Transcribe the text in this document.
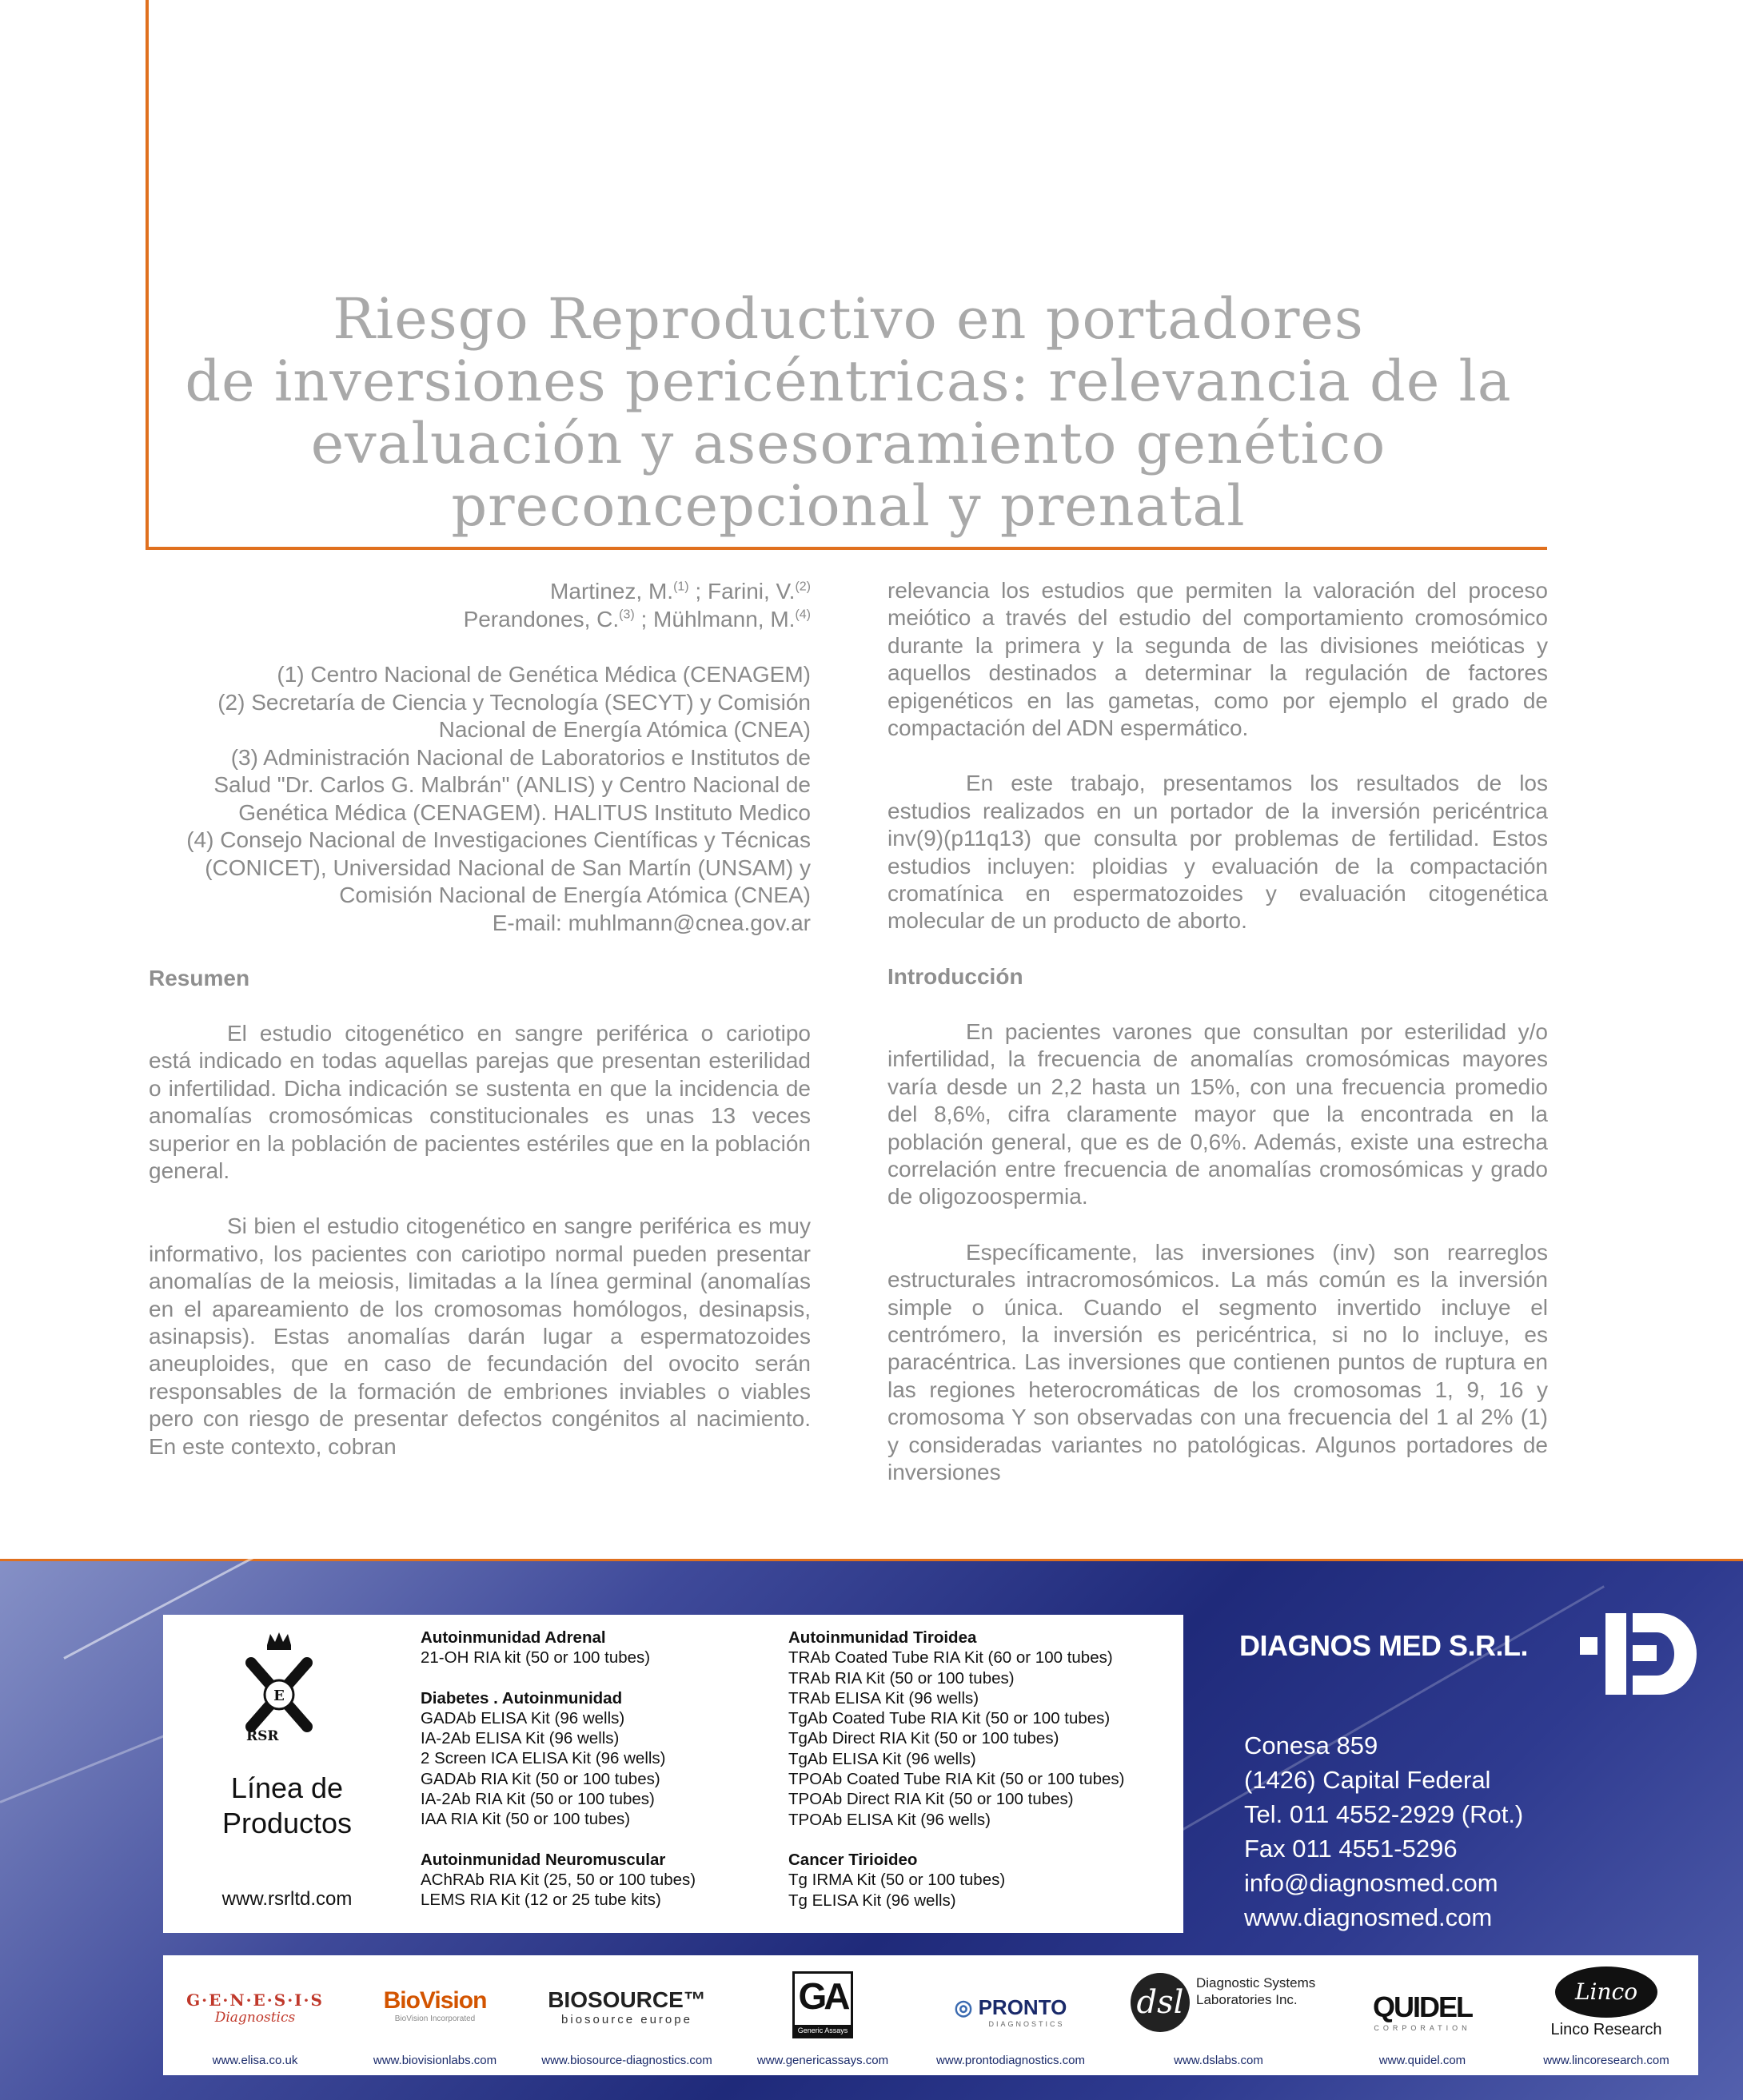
Riesgo Reproductivo en portadores
de inversiones pericéntricas: relevancia de la
evaluación y asesoramiento genético
preconcepcional y prenatal
Martinez, M.$^{(1)}$ ; Farini, V.$^{(2)}$
Perandones, C.$^{(3)}$ ; Mühlmann, M.$^{(4)}$
(1) Centro Nacional de Genética Médica (CENAGEM)
(2) Secretaría de Ciencia y Tecnología (SECYT) y Comisión Nacional de Energía Atómica (CNEA)
(3) Administración Nacional de Laboratorios e Institutos de Salud "Dr. Carlos G. Malbrán" (ANLIS) y Centro Nacional de Genética Médica (CENAGEM). HALITUS Instituto Medico
(4) Consejo Nacional de Investigaciones Científicas y Técnicas (CONICET), Universidad Nacional de San Martín (UNSAM) y Comisión Nacional de Energía Atómica (CNEA)
E-mail: muhlmann@cnea.gov.ar
Resumen

El estudio citogenético en sangre periférica o cariotipo está indicado en todas aquellas parejas que presentan esterilidad o infertilidad. Dicha indicación se sustenta en que la incidencia de anomalías cromosómicas constitucionales es unas 13 veces superior en la población de pacientes estériles que en la población general.

Si bien el estudio citogenético en sangre periférica es muy informativo, los pacientes con cariotipo normal pueden presentar anomalías de la meiosis, limitadas a la línea germinal (anomalías en el apareamiento de los cromosomas homólogos, desinapsis, asinapsis). Estas anomalías darán lugar a espermatozoides aneuploides, que en caso de fecundación del ovocito serán responsables de la formación de embriones inviables o viables pero con riesgo de presentar defectos congénitos al nacimiento. En este contexto, cobran

relevancia los estudios que permiten la valoración del proceso meiótico a través del estudio del comportamiento cromosómico durante la primera y la segunda de las divisiones meióticas y aquellos destinados a determinar la regulación de factores epigenéticos en las gametas, como por ejemplo el grado de compactación del ADN espermático.

En este trabajo, presentamos los resultados de los estudios realizados en un portador de la inversión pericéntrica inv(9)(p11q13) que consulta por problemas de fertilidad. Estos estudios incluyen: ploidias y evaluación de la compactación cromatínica en espermatozoides y evaluación citogenética molecular de un producto de aborto.

Introducción

En pacientes varones que consultan por esterilidad y/o infertilidad, la frecuencia de anomalías cromosómicas mayores varía desde un 2,2 hasta un 15%, con una frecuencia promedio del 8,6%, cifra claramente mayor que la encontrada en la población general, que es de 0,6%. Además, existe una estrecha correlación entre frecuencia de anomalías cromosómicas y grado de oligozoospermia.

Específicamente, las inversiones (inv) son rearreglos estructurales intracromosómicos. La más común es la inversión simple o única. Cuando el segmento invertido incluye el centrómero, la inversión es pericéntrica, si no lo incluye, es paracéntrica. Las inversiones que contienen puntos de ruptura en las regiones heterocromáticas de los cromosomas 1, 9, 16 y cromosoma Y son observadas con una frecuencia del 1 al 2% (1) y consideradas variantes no patológicas. Algunos portadores de inversiones

E
RSR
Línea de
Productos
www.rsrltd.com
Autoinmunidad Adrenal
21-OH RIA kit (50 or 100 tubes)
Diabetes . Autoinmunidad
GADAb ELISA Kit (96 wells)
IA-2Ab ELISA Kit (96 wells)
2 Screen ICA ELISA Kit (96 wells)
GADAb RIA Kit (50 or 100 tubes)
IA-2Ab RIA Kit (50 or 100 tubes)
IAA RIA Kit (50 or 100 tubes)
Autoinmunidad Neuromuscular
AChRAb RIA Kit (25, 50 or 100 tubes)
LEMS RIA Kit (12 or 25 tube kits)
Autoinmunidad Tiroidea
TRAb Coated Tube RIA Kit (60 or 100 tubes)
TRAb RIA Kit (50 or 100 tubes)
TRAb ELISA Kit (96 wells)
TgAb Coated Tube RIA Kit (50 or 100 tubes)
TgAb Direct RIA Kit (50 or 100 tubes)
TgAb ELISA Kit (96 wells)
TPOAb Coated Tube RIA Kit (50 or 100 tubes)
TPOAb Direct RIA Kit (50 or 100 tubes)
TPOAb ELISA Kit (96 wells)
Cancer Tirioideo
Tg IRMA Kit (50 or 100 tubes)
Tg ELISA Kit (96 wells)
DIAGNOS MED S.R.L.
Conesa 859
(1426) Capital Federal
Tel. 011 4552-2929 (Rot.)
Fax 011 4551-5296
info@diagnosmed.com
www.diagnosmed.com
G·E·N·E·S·I·S
Diagnostics
www.elisa.co.uk
BioVision
BioVision Incorporated
www.biovisionlabs.com
BIOSOURCE™
biosource europe
www.biosource-diagnostics.com
GA
Generic Assays
www.genericassays.com
◎ PRONTO
DIAGNOSTICS
www.prontodiagnostics.com
dsl
Diagnostic Systems Laboratories Inc.
www.dslabs.com
QUIDEL
CORPORATION
www.quidel.com
Linco
Linco Research
www.lincoresearch.com
